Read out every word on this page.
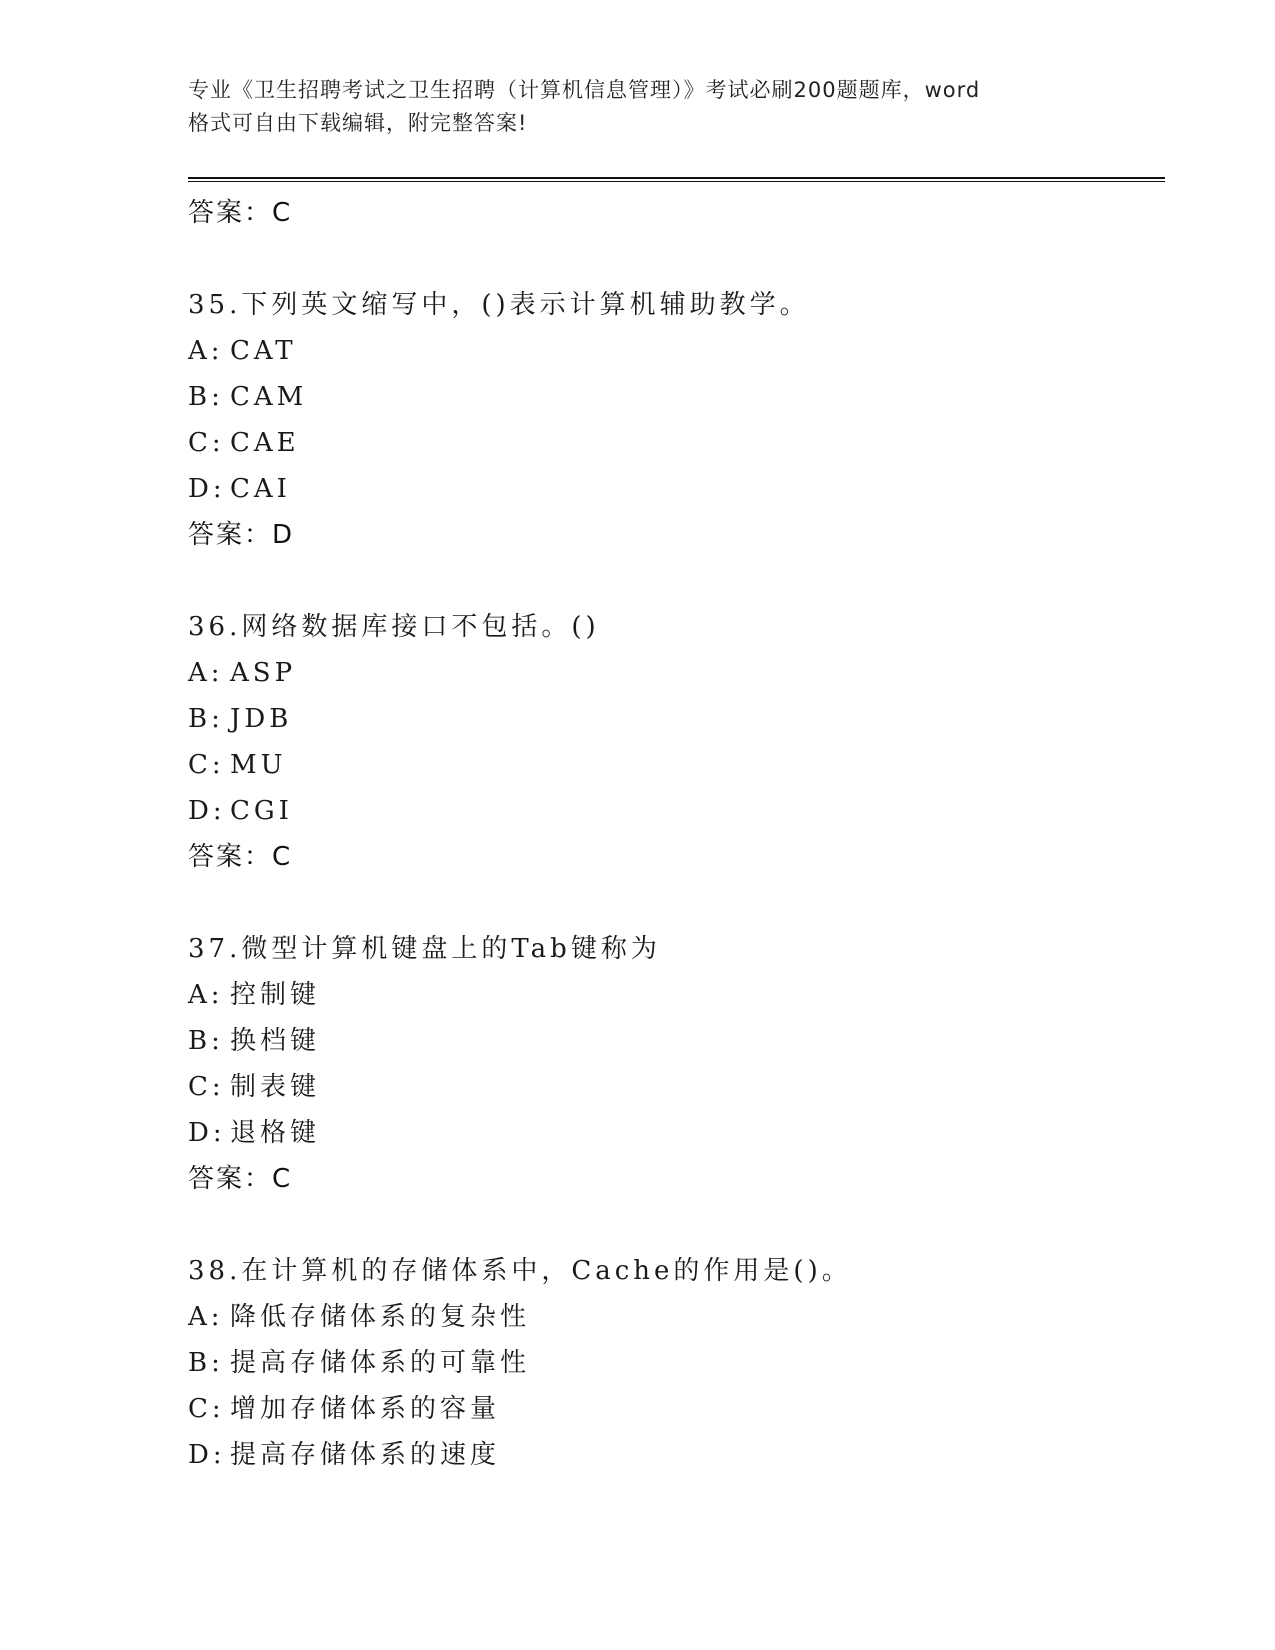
专业《卫生招聘考试之卫生招聘（计算机信息管理）》考试必刷200题题库，word
格式可自由下载编辑，附完整答案!
答案：C
35.下列英文缩写中，()表示计算机辅助教学。
A: CAT
B: CAM
C: CAE
D: CAI
答案：D
36.网络数据库接口不包括。()
A: ASP
B: JDB
C: MU
D: CGI
答案：C
37.微型计算机键盘上的Tab键称为
A: 控制键
B: 换档键
C: 制表键
D: 退格键
答案：C
38.在计算机的存储体系中，Cache的作用是()。
A: 降低存储体系的复杂性
B: 提高存储体系的可靠性
C: 增加存储体系的容量
D: 提高存储体系的速度
